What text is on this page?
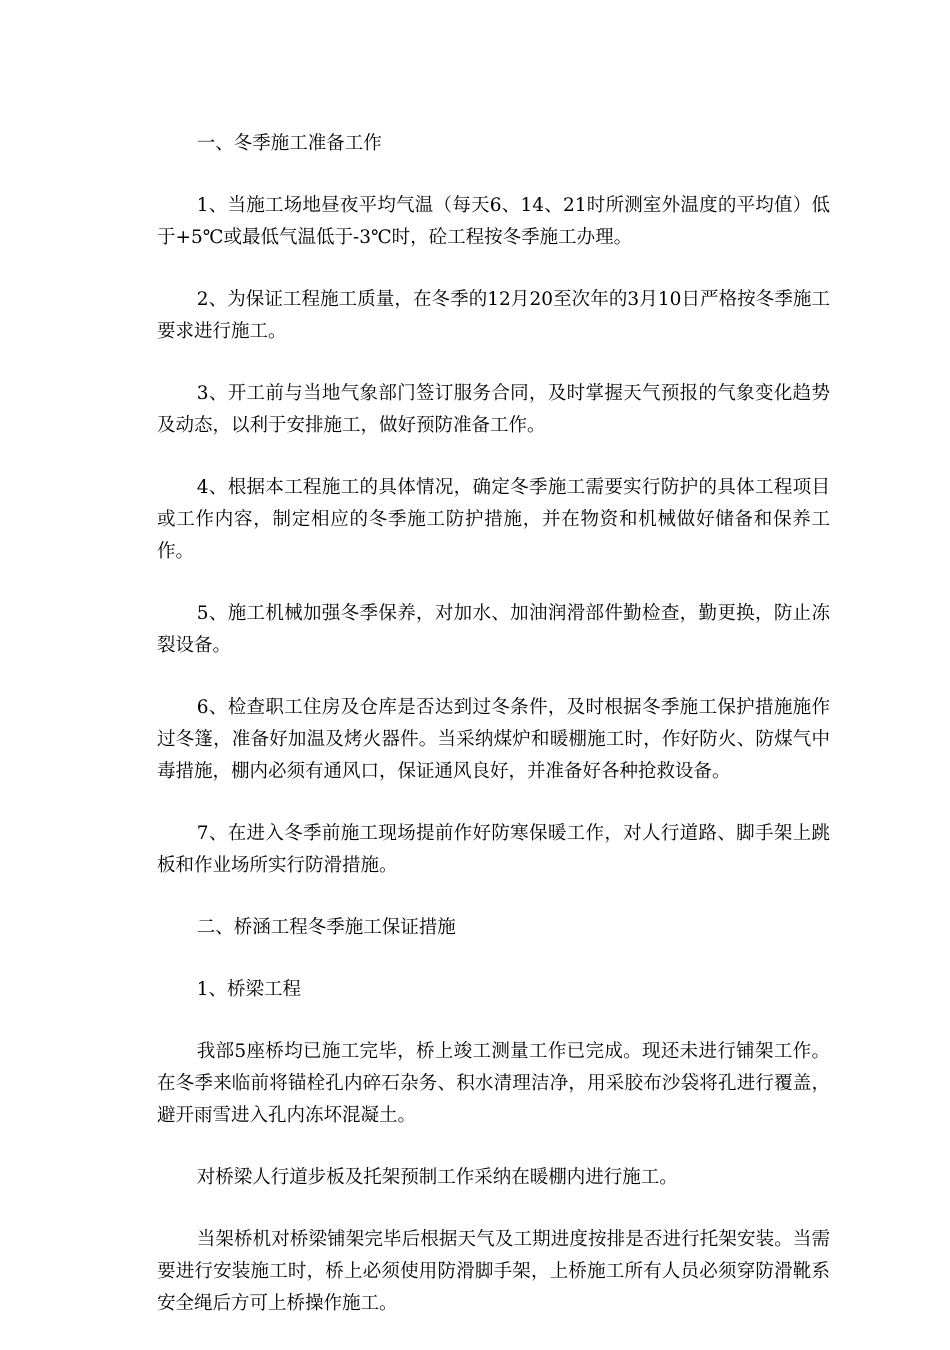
一、冬季施工准备工作

1、当施工场地昼夜平均气温（每天6、14、21时所测室外温度的平均值）低于+5℃或最低气温低于-3℃时，砼工程按冬季施工办理。

2、为保证工程施工质量，在冬季的12月20至次年的3月10日严格按冬季施工要求进行施工。

3、开工前与当地气象部门签订服务合同，及时掌握天气预报的气象变化趋势及动态，以利于安排施工，做好预防准备工作。

4、根据本工程施工的具体情况，确定冬季施工需要实行防护的具体工程项目或工作内容，制定相应的冬季施工防护措施，并在物资和机械做好储备和保养工作。

5、施工机械加强冬季保养，对加水、加油润滑部件勤检查，勤更换，防止冻裂设备。

6、检查职工住房及仓库是否达到过冬条件，及时根据冬季施工保护措施施作过冬篷，准备好加温及烤火器件。当采纳煤炉和暖棚施工时，作好防火、防煤气中毒措施，棚内必须有通风口，保证通风良好，并准备好各种抢救设备。

7、在进入冬季前施工现场提前作好防寒保暖工作，对人行道路、脚手架上跳板和作业场所实行防滑措施。

二、桥涵工程冬季施工保证措施

1、桥梁工程

我部5座桥均已施工完毕，桥上竣工测量工作已完成。现还未进行铺架工作。在冬季来临前将锚栓孔内碎石杂务、积水清理洁净，用采胶布沙袋将孔进行覆盖，避开雨雪进入孔内冻坏混凝土。

对桥梁人行道步板及托架预制工作采纳在暖棚内进行施工。

当架桥机对桥梁铺架完毕后根据天气及工期进度按排是否进行托架安装。当需要进行安装施工时，桥上必须使用防滑脚手架，上桥施工所有人员必须穿防滑靴系安全绳后方可上桥操作施工。
